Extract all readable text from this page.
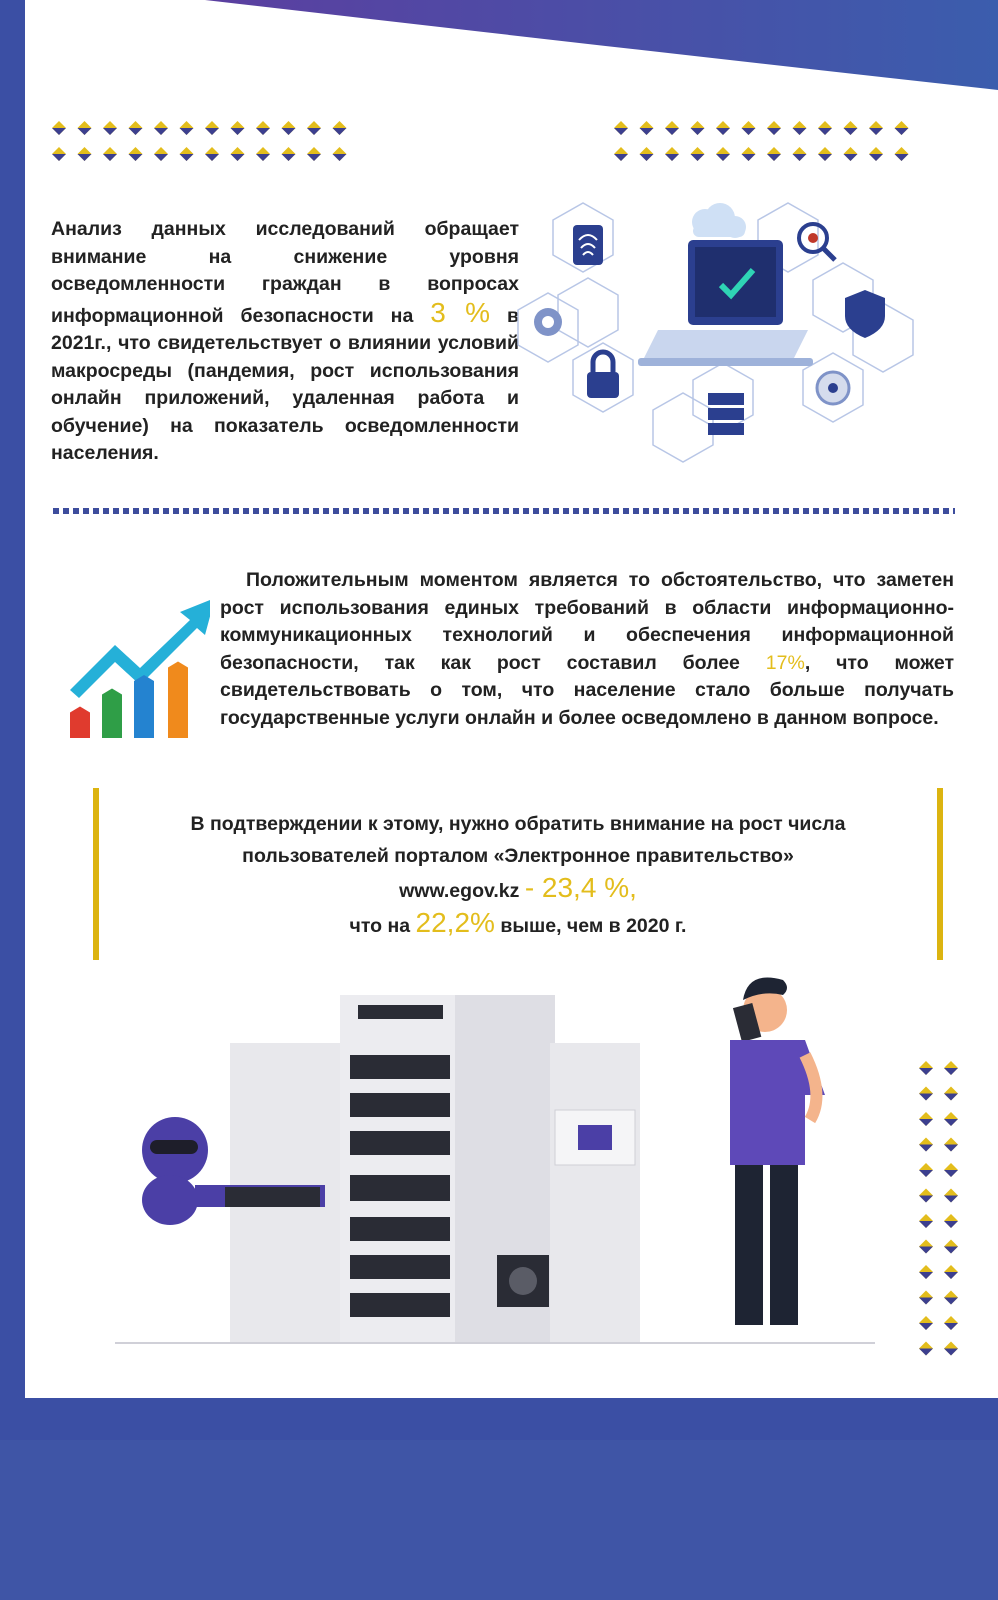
Анализ данных исследований обращает внимание на снижение уровня осведомленности граждан в вопросах информационной безопасности на 3 % в 2021г., что свидетельствует о влиянии условий макросреды (пандемия, рост использования онлайн приложений, удаленная работа и обучение) на показатель осведомленности населения.
Положительным моментом является то обстоятельство, что заметен рост использования единых требований в области информационно-коммуникационных технологий и обеспечения информационной безопасности, так как рост составил более 17%, что может свидетельствовать о том, что население стало больше получать государственные услуги онлайн и более осведомлено в данном вопросе.
В подтверждении к этому, нужно обратить внимание на рост числа
пользователей порталом «Электронное правительство»
www.egov.kz - 23,4 %,
что на 22,2% выше, чем в 2020 г.
